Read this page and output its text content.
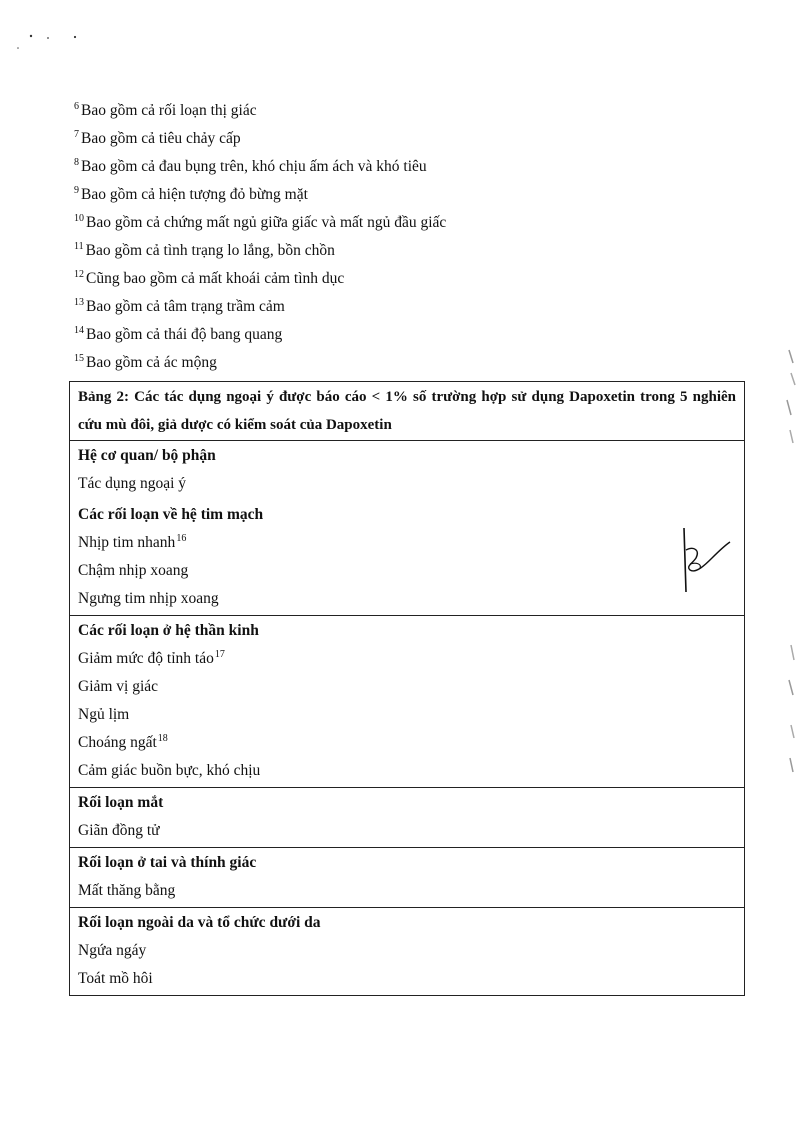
$^6$ Bao gồm cả rối loạn thị giác
$^7$ Bao gồm cả tiêu chảy cấp
$^8$ Bao gồm cả đau bụng trên, khó chịu ấm ách và khó tiêu
$^9$ Bao gồm cả hiện tượng đỏ bừng mặt
$^{10}$ Bao gồm cả chứng mất ngủ giữa giấc và mất ngủ đầu giấc
$^{11}$ Bao gồm cả tình trạng lo lắng, bồn chồn
$^{12}$ Cũng bao gồm cả mất khoái cảm tình dục
$^{13}$ Bao gồm cả tâm trạng trầm cảm
$^{14}$ Bao gồm cả thái độ bang quang
$^{15}$ Bao gồm cả ác mộng
Bảng 2: Các tác dụng ngoại ý được báo cáo < 1% số trường hợp sử dụng Dapoxetin trong 5 nghiên cứu mù đôi, giả dược có kiểm soát của Dapoxetin
Hệ cơ quan/ bộ phận
Tác dụng ngoại ý
Các rối loạn về hệ tim mạch
Nhịp tim nhanh$^{16}$
Chậm nhịp xoang
Ngưng tim nhịp xoang
Các rối loạn ở hệ thần kinh
Giảm mức độ tỉnh táo$^{17}$
Giảm vị giác
Ngủ lịm
Choáng ngất$^{18}$
Cảm giác buồn bực, khó chịu
Rối loạn mắt
Giãn đồng tử
Rối loạn ở tai và thính giác
Mất thăng bằng
Rối loạn ngoài da và tổ chức dưới da
Ngứa ngáy
Toát mồ hôi
